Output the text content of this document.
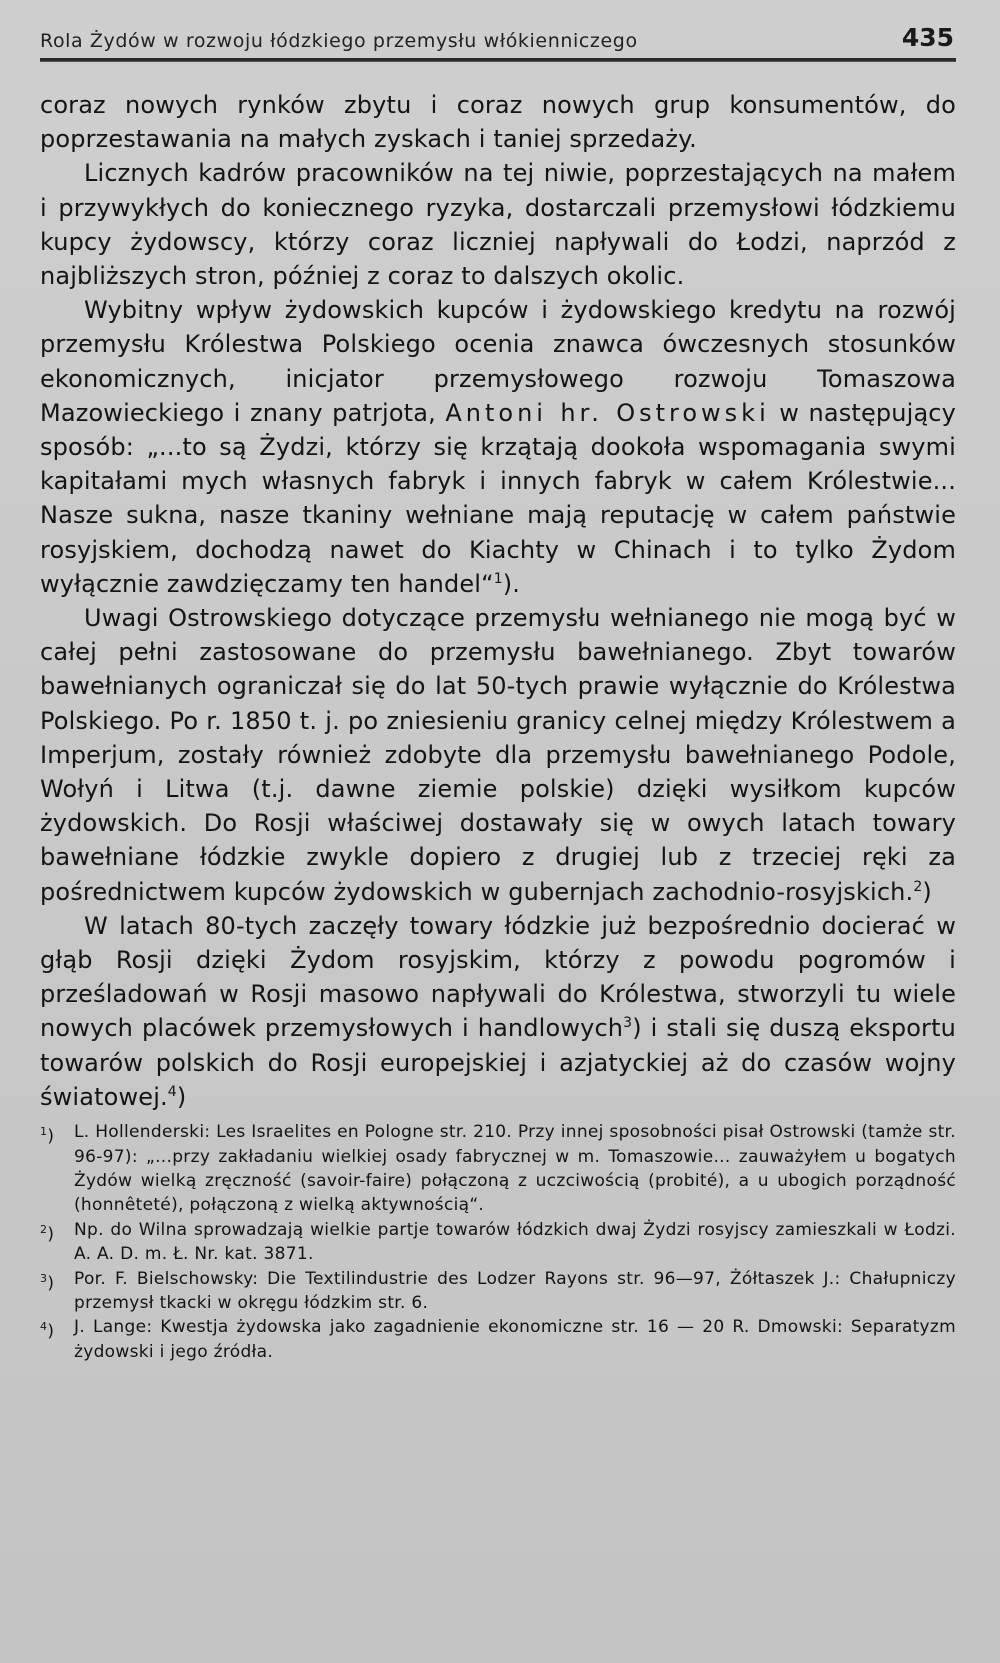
Rola Żydów w rozwoju łódzkiego przemysłu włókienniczego	435

coraz nowych rynków zbytu i coraz nowych grup konsumentów, do poprzestawania na małych zyskach i taniej sprzedaży.

Licznych kadrów pracowników na tej niwie, poprzestających na małem i przywykłych do koniecznego ryzyka, dostarczali przemysłowi łódzkiemu kupcy żydowscy, którzy coraz liczniej napływali do Łodzi, naprzód z najbliższych stron, później z coraz to dalszych okolic.

Wybitny wpływ żydowskich kupców i żydowskiego kredytu na rozwój przemysłu Królestwa Polskiego ocenia znawca ówczesnych stosunków ekonomicznych, inicjator przemysłowego rozwoju Tomaszowa Mazowieckiego i znany patrjota, Antoni hr. Ostrowski w następujący sposób: „...to są Żydzi, którzy się krzątają dookoła wspomagania swymi kapitałami mych własnych fabryk i innych fabryk w całem Królestwie... Nasze sukna, nasze tkaniny wełniane mają reputację w całem państwie rosyjskiem, dochodzą nawet do Kiachty w Chinach i to tylko Żydom wyłącznie zawdzięczamy ten handel“$^1$).

Uwagi Ostrowskiego dotyczące przemysłu wełnianego nie mogą być w całej pełni zastosowane do przemysłu bawełnianego. Zbyt towarów bawełnianych ograniczał się do lat 50-tych prawie wyłącznie do Królestwa Polskiego. Po r. 1850 t. j. po zniesieniu granicy celnej między Królestwem a Imperjum, zostały również zdobyte dla przemysłu bawełnianego Podole, Wołyń i Litwa (t.j. dawne ziemie polskie) dzięki wysiłkom kupców żydowskich. Do Rosji właściwej dostawały się w owych latach towary bawełniane łódzkie zwykle dopiero z drugiej lub z trzeciej ręki za pośrednictwem kupców żydowskich w gubernjach zachodnio-rosyjskich.$^2$)

W latach 80-tych zaczęły towary łódzkie już bezpośrednio docierać w głąb Rosji dzięki Żydom rosyjskim, którzy z powodu pogromów i prześladowań w Rosji masowo napływali do Królestwa, stworzyli tu wiele nowych placówek przemysłowych i handlowych$^3$) i stali się duszą eksportu towarów polskich do Rosji europejskiej i azjatyckiej aż do czasów wojny światowej.$^4$)

$^1$)	L. Hollenderski: Les Israelites en Pologne str. 210. Przy innej sposobności pisał Ostrowski (tamże str. 96-97): „...przy zakładaniu wielkiej osady fabrycznej w m. Tomaszowie... zauważyłem u bogatych Żydów wielką zręczność (savoir-faire) połączoną z uczciwością (probité), a u ubogich porządność (honnêteté), połączoną z wielką aktywnością“.
$^2$)	Np. do Wilna sprowadzają wielkie partje towarów łódzkich dwaj Żydzi rosyjscy zamieszkali w Łodzi. A. A. D. m. Ł. Nr. kat. 3871.
$^3$)	Por. F. Bielschowsky: Die Textilindustrie des Lodzer Rayons str. 96—97, Żółtaszek J.: Chałupniczy przemysł tkacki w okręgu łódzkim str. 6.
$^4$)	J. Lange: Kwestja żydowska jako zagadnienie ekonomiczne str. 16 — 20 R. Dmowski: Separatyzm żydowski i jego źródła.
